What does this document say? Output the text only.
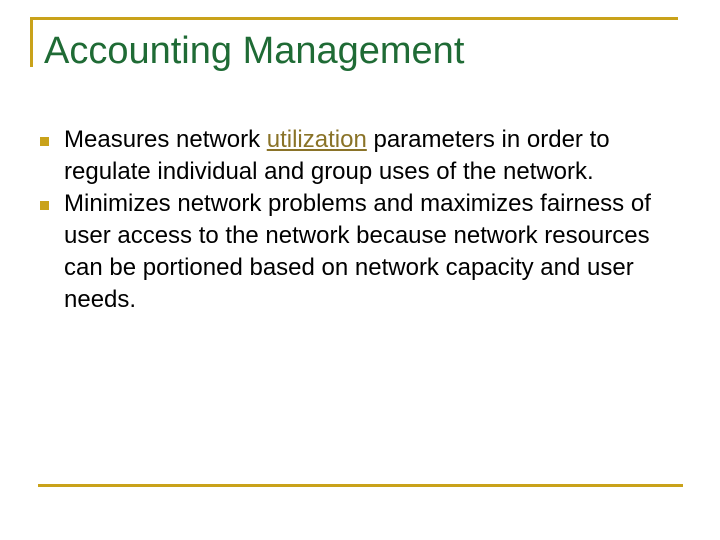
Accounting Management
Measures network utilization parameters in order to regulate individual and group uses of the network.
Minimizes network problems and maximizes fairness of user access to the network because network resources can be portioned based on network capacity and user needs.
